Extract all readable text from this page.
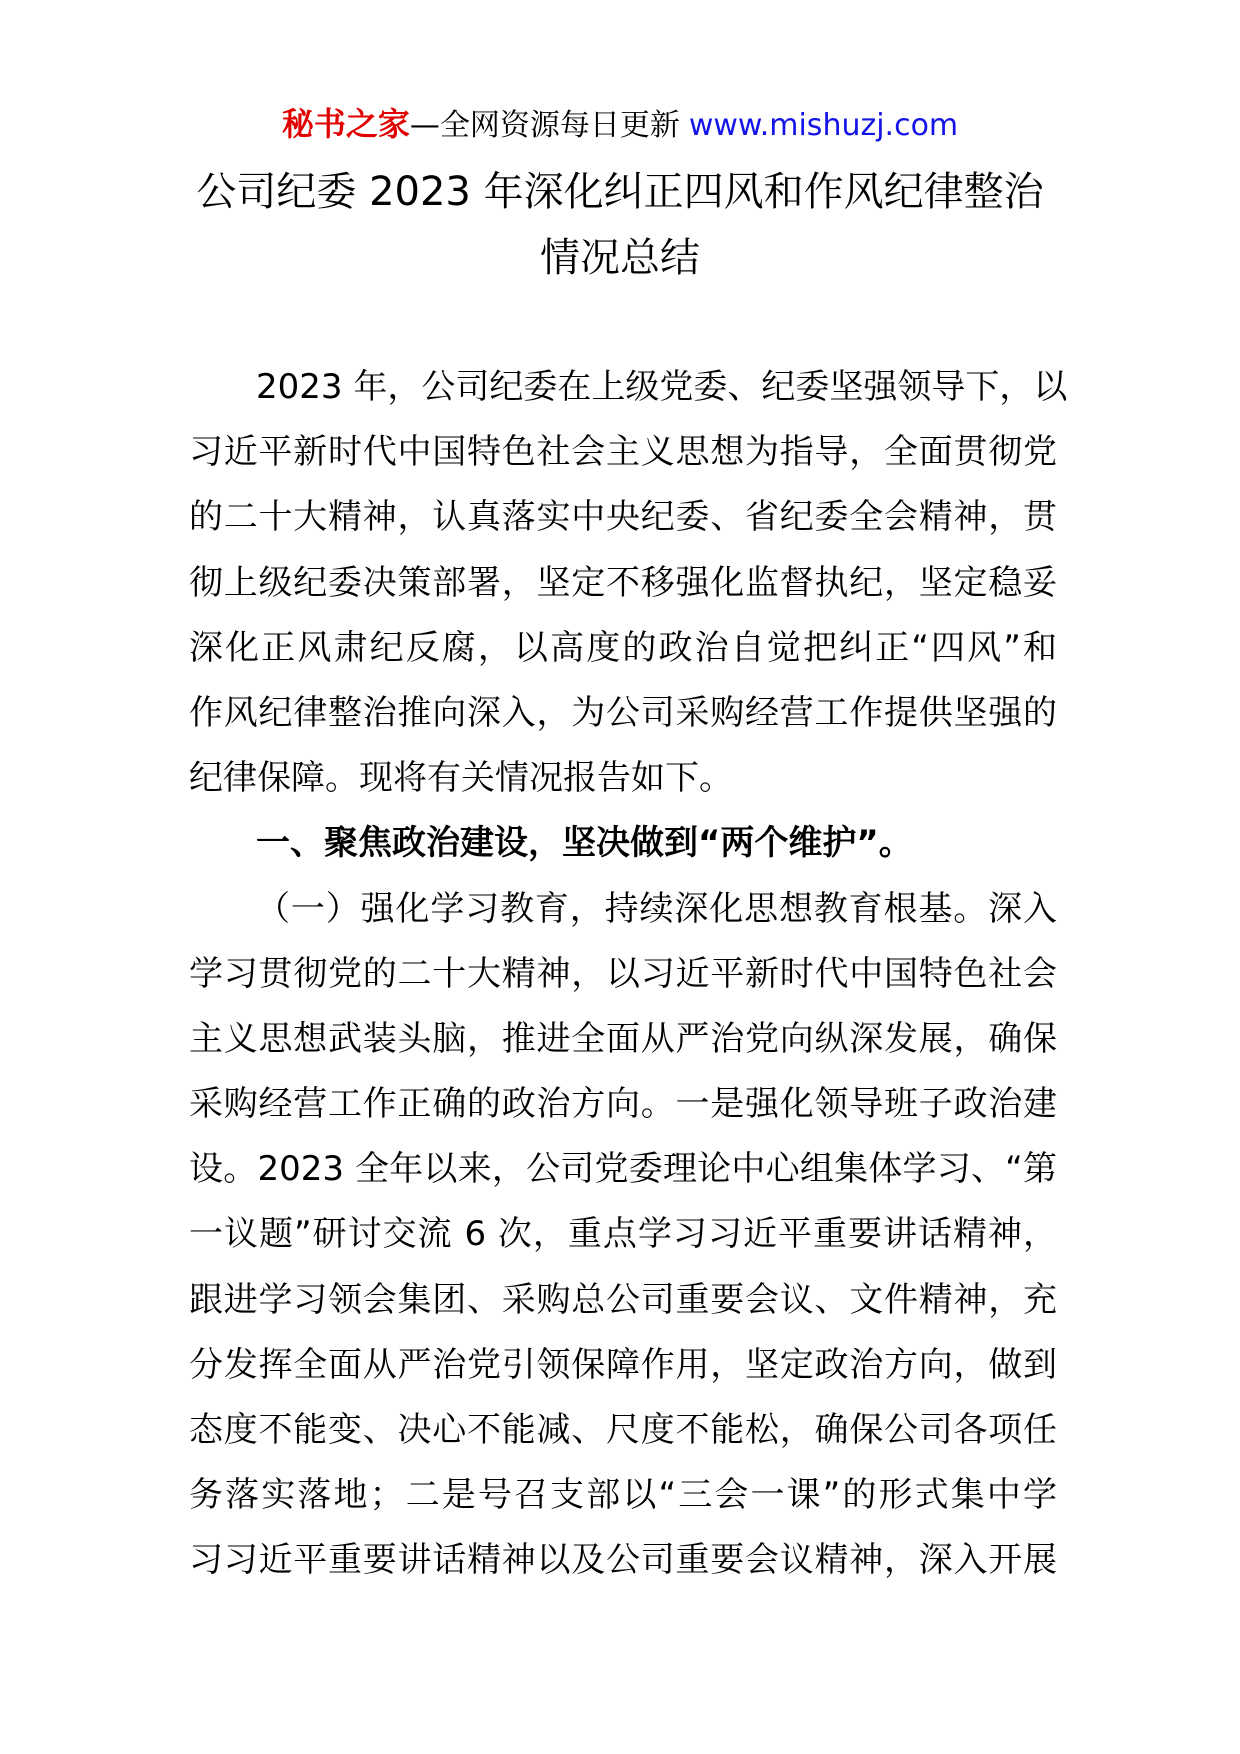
秘书之家—全网资源每日更新 www.mishuzj.com
公司纪委 2023 年深化纠正四风和作风纪律整治
情况总结
2023 年，公司纪委在上级党委、纪委坚强领导下，以
习近平新时代中国特色社会主义思想为指导，全面贯彻党
的二十大精神，认真落实中央纪委、省纪委全会精神，贯
彻上级纪委决策部署，坚定不移强化监督执纪，坚定稳妥
深化正风肃纪反腐，以高度的政治自觉把纠正“四风”和
作风纪律整治推向深入，为公司采购经营工作提供坚强的
纪律保障。现将有关情况报告如下。
一、聚焦政治建设，坚决做到“两个维护”。
（一）强化学习教育，持续深化思想教育根基。深入
学习贯彻党的二十大精神，以习近平新时代中国特色社会
主义思想武装头脑，推进全面从严治党向纵深发展，确保
采购经营工作正确的政治方向。一是强化领导班子政治建
设。2023 全年以来，公司党委理论中心组集体学习、“第
一议题”研讨交流 6 次，重点学习习近平重要讲话精神，
跟进学习领会集团、采购总公司重要会议、文件精神，充
分发挥全面从严治党引领保障作用，坚定政治方向，做到
态度不能变、决心不能减、尺度不能松，确保公司各项任
务落实落地；二是号召支部以“三会一课”的形式集中学
习习近平重要讲话精神以及公司重要会议精神，深入开展
